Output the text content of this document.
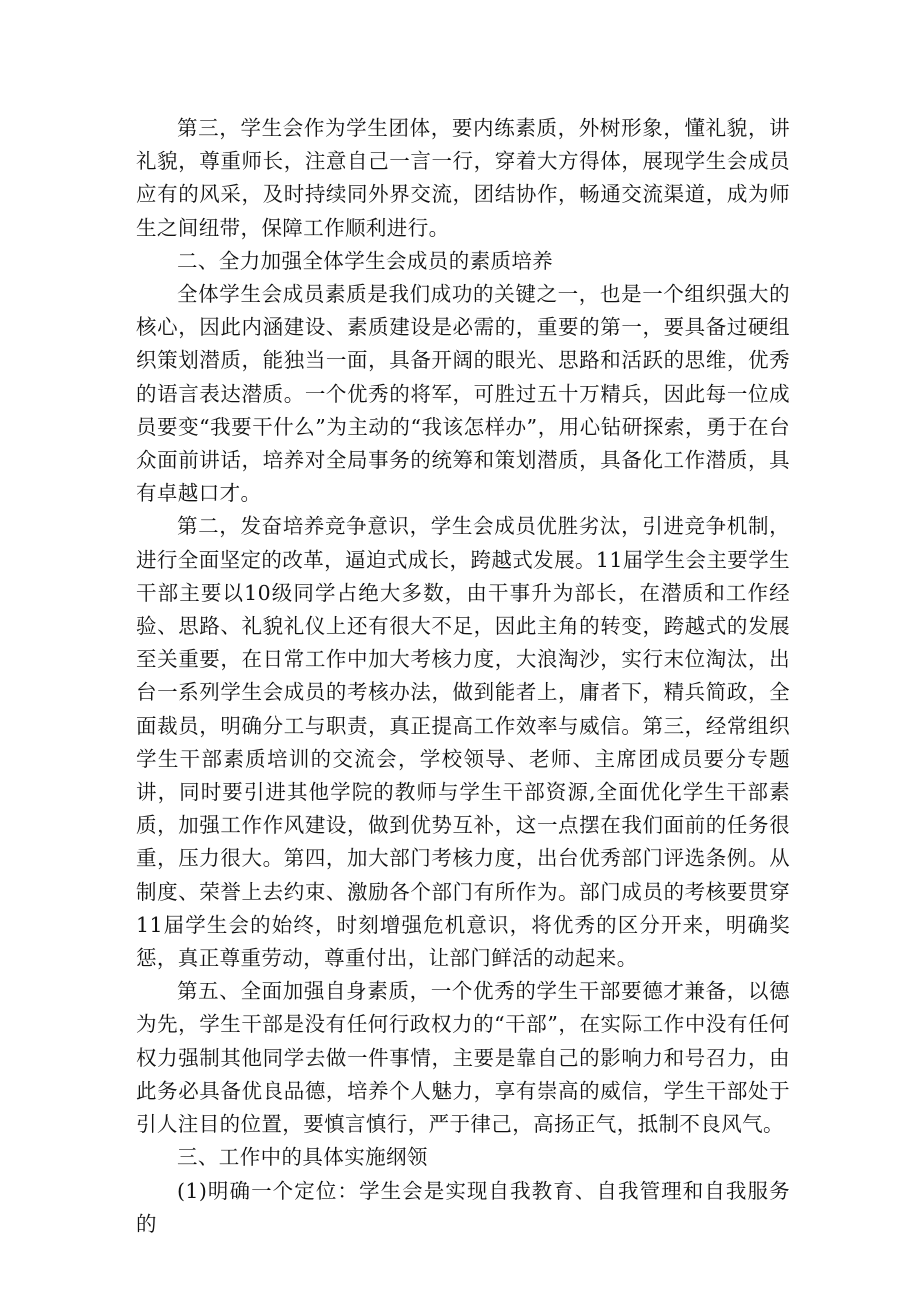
第三，学生会作为学生团体，要内练素质，外树形象，懂礼貌，讲礼貌，尊重师长，注意自己一言一行，穿着大方得体，展现学生会成员应有的风采，及时持续同外界交流，团结协作，畅通交流渠道，成为师生之间纽带，保障工作顺利进行。

二、全力加强全体学生会成员的素质培养

全体学生会成员素质是我们成功的关键之一，也是一个组织强大的核心，因此内涵建设、素质建设是必需的，重要的第一，要具备过硬组织策划潜质，能独当一面，具备开阔的眼光、思路和活跃的思维，优秀的语言表达潜质。一个优秀的将军，可胜过五十万精兵，因此每一位成员要变“我要干什么”为主动的“我该怎样办”，用心钻研探索，勇于在台众面前讲话，培养对全局事务的统筹和策划潜质，具备化工作潜质，具有卓越口才。

第二，发奋培养竞争意识，学生会成员优胜劣汰，引进竞争机制，进行全面坚定的改革，逼迫式成长，跨越式发展。11届学生会主要学生干部主要以10级同学占绝大多数，由干事升为部长，在潜质和工作经验、思路、礼貌礼仪上还有很大不足，因此主角的转变，跨越式的发展至关重要，在日常工作中加大考核力度，大浪淘沙，实行末位淘汰，出台一系列学生会成员的考核办法，做到能者上，庸者下，精兵简政，全面裁员，明确分工与职责，真正提高工作效率与威信。第三，经常组织学生干部素质培训的交流会，学校领导、老师、主席团成员要分专题讲，同时要引进其他学院的教师与学生干部资源,全面优化学生干部素质，加强工作作风建设，做到优势互补，这一点摆在我们面前的任务很重，压力很大。第四，加大部门考核力度，出台优秀部门评选条例。从制度、荣誉上去约束、激励各个部门有所作为。部门成员的考核要贯穿11届学生会的始终，时刻增强危机意识，将优秀的区分开来，明确奖惩，真正尊重劳动，尊重付出，让部门鲜活的动起来。

第五、全面加强自身素质，一个优秀的学生干部要德才兼备，以德为先，学生干部是没有任何行政权力的“干部”，在实际工作中没有任何权力强制其他同学去做一件事情，主要是靠自己的影响力和号召力，由此务必具备优良品德，培养个人魅力，享有崇高的威信，学生干部处于引人注目的位置，要慎言慎行，严于律己，高扬正气，抵制不良风气。

三、工作中的具体实施纲领

(1)明确一个定位：学生会是实现自我教育、自我管理和自我服务的
